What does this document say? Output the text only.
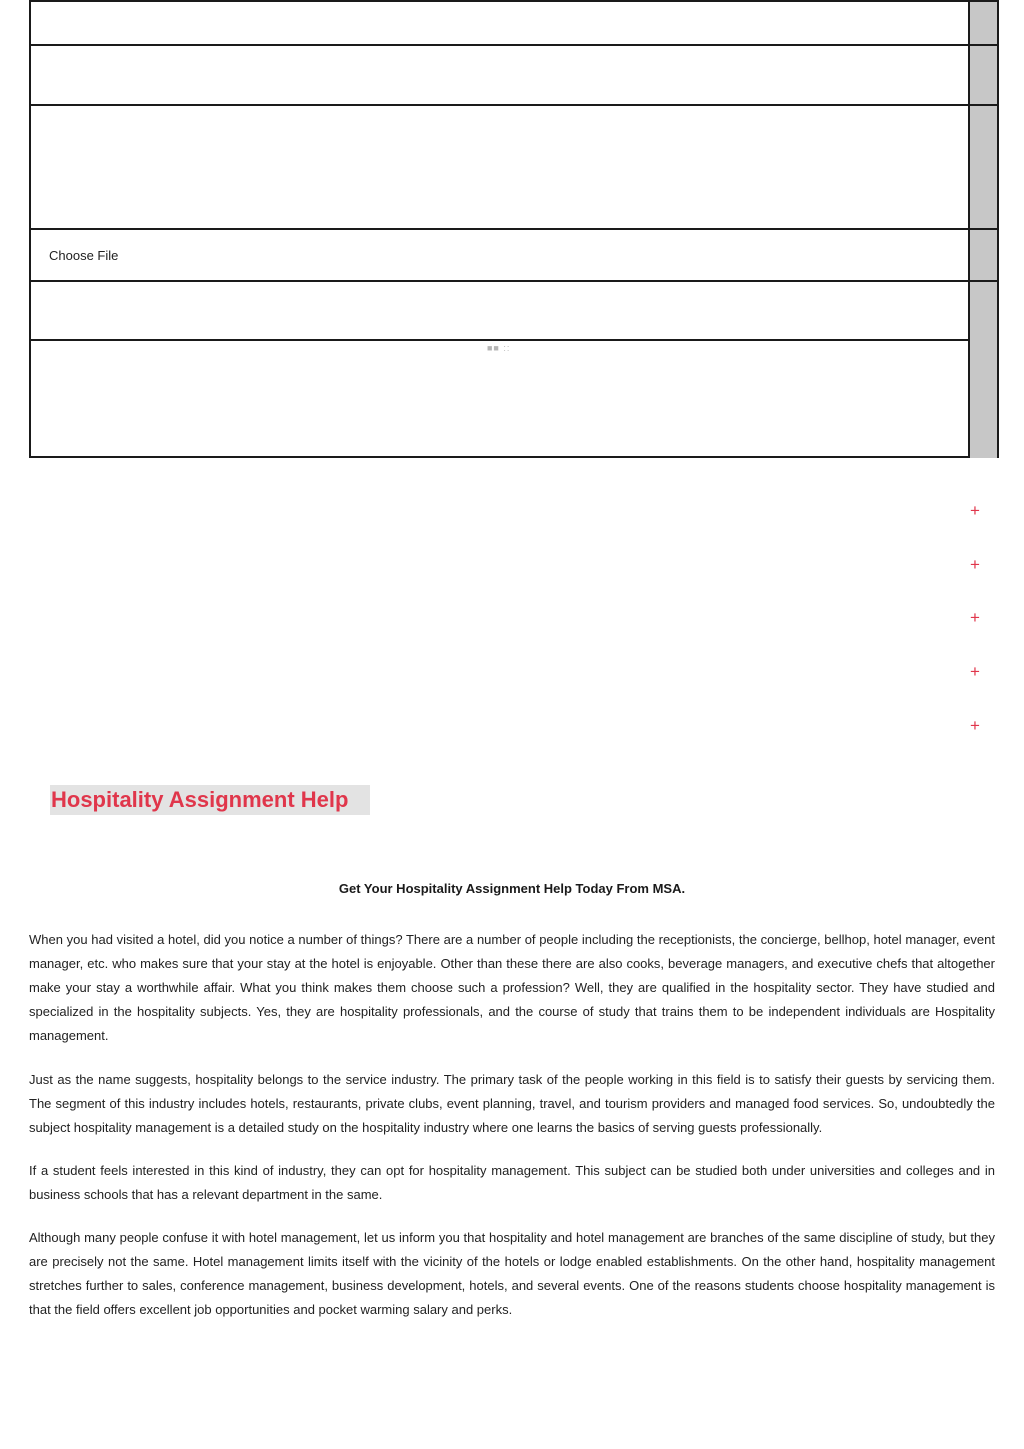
Choose File
■■ ::
+
+
+
+
+
Hospitality Assignment Help
Get Your Hospitality Assignment Help Today From MSA.

When you had visited a hotel, did you notice a number of things? There are a number of people including the receptionists, the concierge, bellhop, hotel manager, event manager, etc. who makes sure that your stay at the hotel is enjoyable. Other than these there are also cooks, beverage managers, and executive chefs that altogether make your stay a worthwhile affair. What you think makes them choose such a profession? Well, they are qualified in the hospitality sector. They have studied and specialized in the hospitality subjects. Yes, they are hospitality professionals, and the course of study that trains them to be independent individuals are Hospitality management.

Just as the name suggests, hospitality belongs to the service industry. The primary task of the people working in this field is to satisfy their guests by servicing them. The segment of this industry includes hotels, restaurants, private clubs, event planning, travel, and tourism providers and managed food services. So, undoubtedly the subject hospitality management is a detailed study on the hospitality industry where one learns the basics of serving guests professionally.

If a student feels interested in this kind of industry, they can opt for hospitality management. This subject can be studied both under universities and colleges and in business schools that has a relevant department in the same.

Although many people confuse it with hotel management, let us inform you that hospitality and hotel management are branches of the same discipline of study, but they are precisely not the same. Hotel management limits itself with the vicinity of the hotels or lodge enabled establishments. On the other hand, hospitality management stretches further to sales, conference management, business development, hotels, and several events. One of the reasons students choose hospitality management is that the field offers excellent job opportunities and pocket warming salary and perks.
